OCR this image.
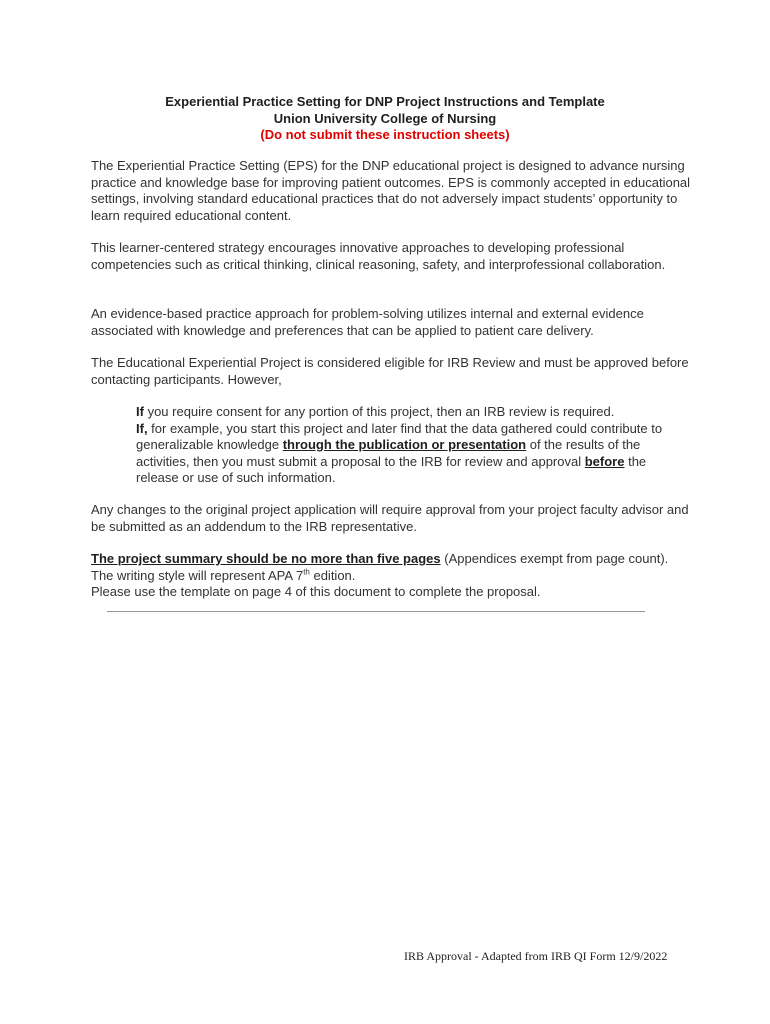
Experiential Practice Setting for DNP Project Instructions and Template
Union University College of Nursing
(Do not submit these instruction sheets)
The Experiential Practice Setting (EPS) for the DNP educational project is designed to advance nursing practice and knowledge base for improving patient outcomes. EPS is commonly accepted in educational settings, involving standard educational practices that do not adversely impact students’ opportunity to learn required educational content.
This learner-centered strategy encourages innovative approaches to developing professional competencies such as critical thinking, clinical reasoning, safety, and interprofessional collaboration.
An evidence-based practice approach for problem-solving utilizes internal and external evidence associated with knowledge and preferences that can be applied to patient care delivery.
The Educational Experiential Project is considered eligible for IRB Review and must be approved before contacting participants. However,
If you require consent for any portion of this project, then an IRB review is required.
If, for example, you start this project and later find that the data gathered could contribute to generalizable knowledge through the publication or presentation of the results of the activities, then you must submit a proposal to the IRB for review and approval before the release or use of such information.
Any changes to the original project application will require approval from your project faculty advisor and be submitted as an addendum to the IRB representative.
The project summary should be no more than five pages (Appendices exempt from page count). The writing style will represent APA 7th edition.
Please use the template on page 4 of this document to complete the proposal.
IRB Approval - Adapted from IRB QI Form 12/9/2022
